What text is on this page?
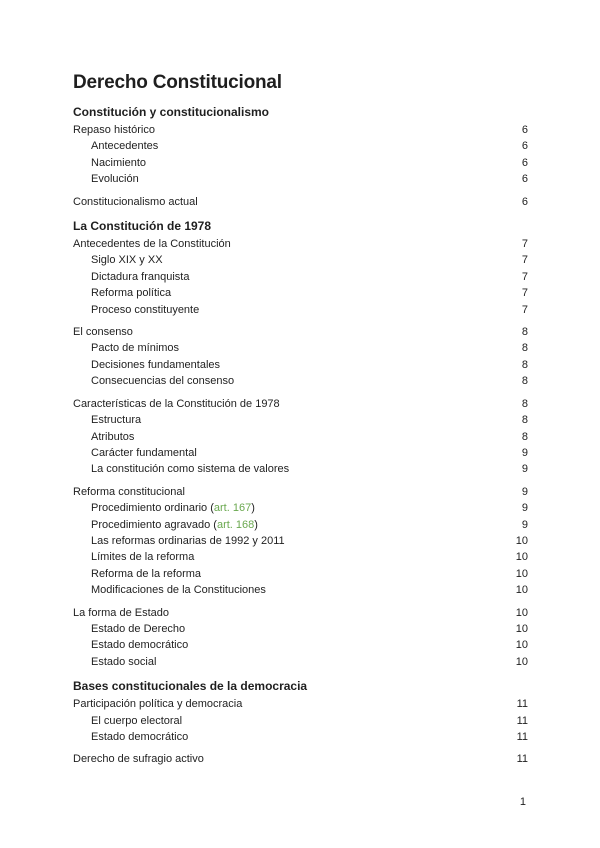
Derecho Constitucional
Constitución y constitucionalismo
Repaso histórico	6
Antecedentes	6
Nacimiento	6
Evolución	6
Constitucionalismo actual	6
La Constitución de 1978
Antecedentes de la Constitución	7
Siglo XIX y XX	7
Dictadura franquista	7
Reforma política	7
Proceso constituyente	7
El consenso	8
Pacto de mínimos	8
Decisiones fundamentales	8
Consecuencias del consenso	8
Características de la Constitución de 1978	8
Estructura	8
Atributos	8
Carácter fundamental	9
La constitución como sistema de valores	9
Reforma constitucional	9
Procedimiento ordinario (art. 167)	9
Procedimiento agravado (art. 168)	9
Las reformas ordinarias de 1992 y 2011	10
Límites de la reforma	10
Reforma de la reforma	10
Modificaciones de la Constituciones	10
La forma de Estado	10
Estado de Derecho	10
Estado democrático	10
Estado social	10
Bases constitucionales de la democracia
Participación política y democracia	11
El cuerpo electoral	11
Estado democrático	11
Derecho de sufragio activo	11
1
